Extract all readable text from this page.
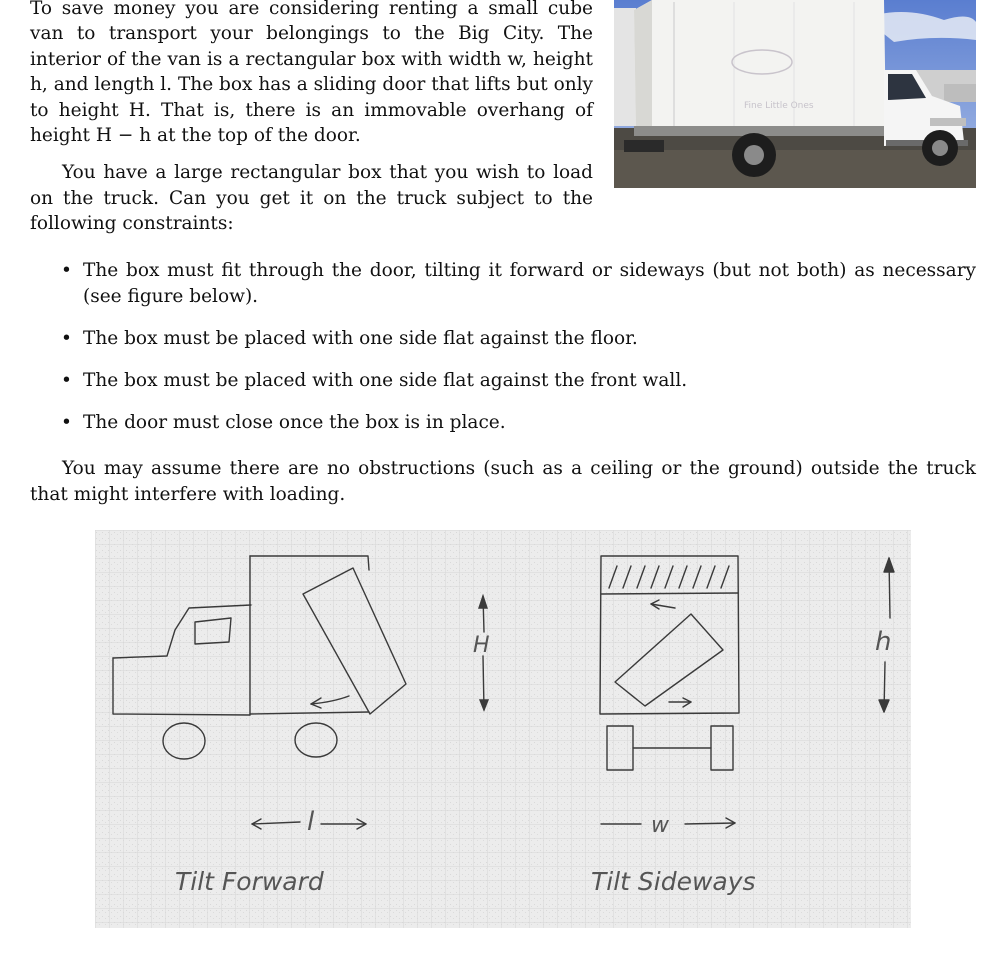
To save money you are considering renting a small cube van to transport your belongings to the Big City. The interior of the van is a rectangular box with width w, height h, and length l. The box has a sliding door that lifts but only to height H. That is, there is an immovable overhang of height H − h at the top of the door.

You have a large rectangular box that you wish to load on the truck. Can you get it on the truck subject to the following constraints:

Fine Little Ones
• The box must fit through the door, tilting it forward or sideways (but not both) as necessary (see figure below).
• The box must be placed with one side flat against the floor.
• The box must be placed with one side flat against the front wall.
• The door must close once the box is in place.

You may assume there are no obstructions (such as a ceiling or the ground) outside the truck that might interfere with loading.

l
H
w
h
Tilt Forward	Tilt Sideways
